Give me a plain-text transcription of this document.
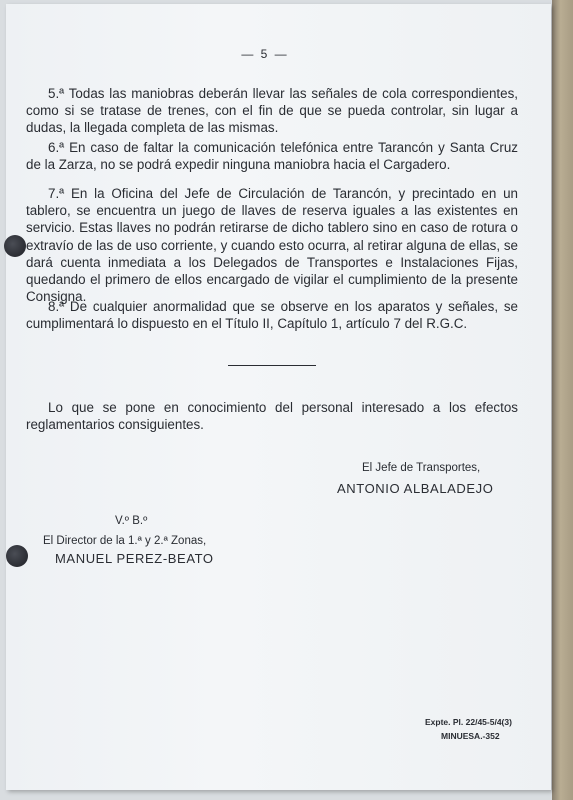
— 5 —

5.ª Todas las maniobras deberán llevar las señales de cola correspondientes, como si se tratase de trenes, con el fin de que se pueda controlar, sin lugar a dudas, la llegada completa de las mismas.

6.ª En caso de faltar la comunicación telefónica entre Tarancón y Santa Cruz de la Zarza, no se podrá expedir ninguna maniobra hacia el Cargadero.

7.ª En la Oficina del Jefe de Circulación de Tarancón, y precintado en un tablero, se encuentra un juego de llaves de reserva iguales a las existentes en servicio. Estas llaves no podrán retirarse de dicho tablero sino en caso de rotura o extravío de las de uso corriente, y cuando esto ocurra, al retirar alguna de ellas, se dará cuenta inmediata a los Delegados de Transportes e Instalaciones Fijas, quedando el primero de ellos encargado de vigilar el cumplimiento de la presente Consigna.

8.ª De cualquier anormalidad que se observe en los aparatos y señales, se cumplimentará lo dispuesto en el Título II, Capítulo 1, artículo 7 del R.G.C.

Lo que se pone en conocimiento del personal interesado a los efectos reglamentarios consiguientes.

El Jefe de Transportes,
ANTONIO ALBALADEJO
V.º B.º
El Director de la 1.ª y 2.ª Zonas,
MANUEL PEREZ-BEATO
Expte. Pl. 22/45-5/4(3)
MINUESA.-352
